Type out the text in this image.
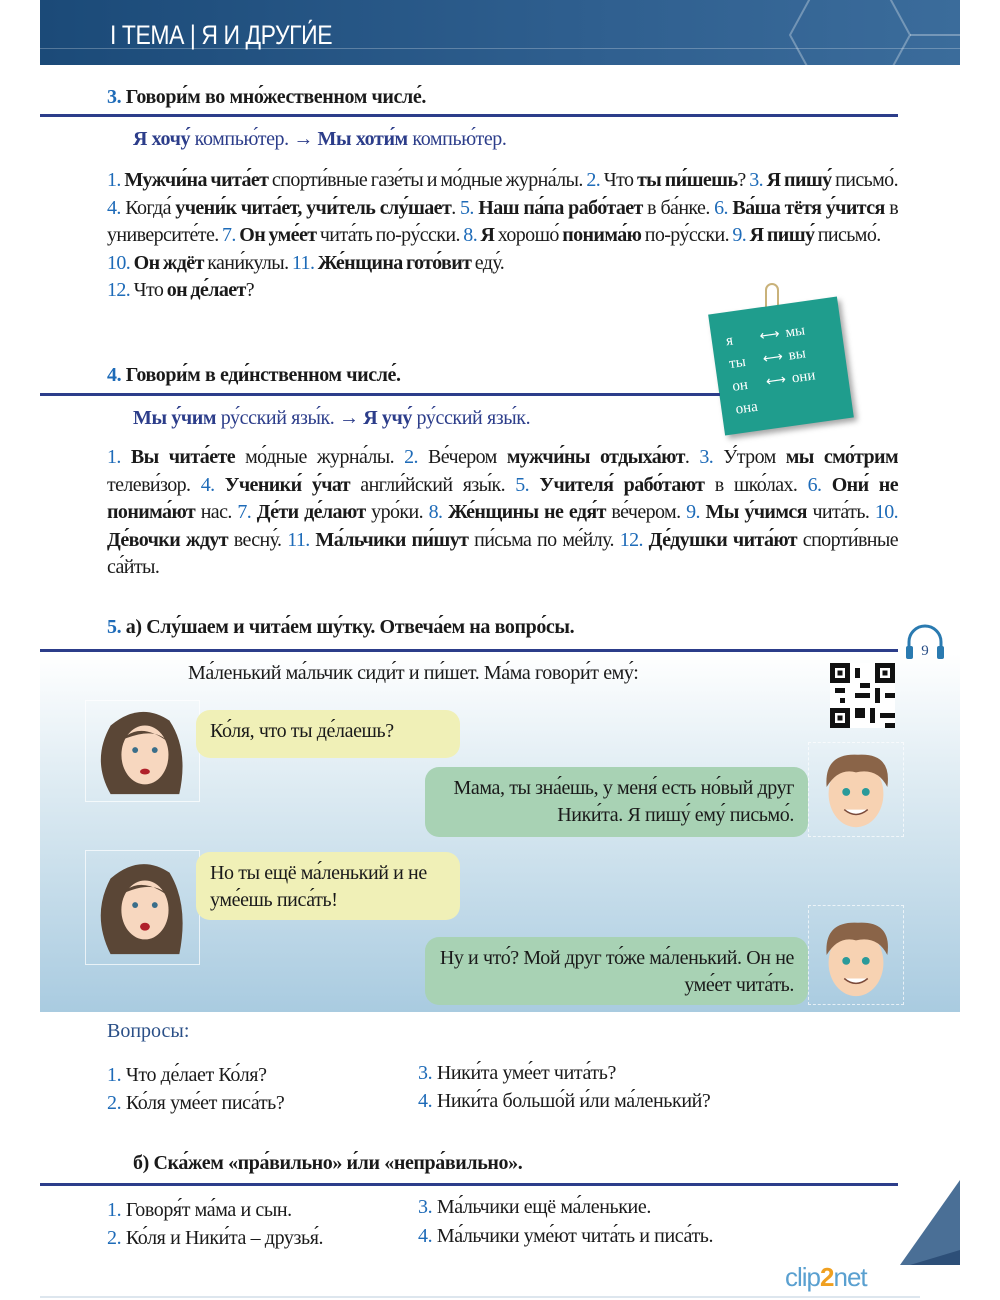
I ТЕМА | Я И ДРУГИ́Е
3. Говори́м во мно́жественном числе́.
Я хочу́ компью́тер. → Мы хоти́м компью́тер.
1. Мужчи́на чита́ет спорти́вные газе́ты и мо́дные журна́лы. 2. Что ты пи́шешь? 3. Я пишу́ письмо́. 4. Когда́ учени́к чита́ет, учи́тель слу́шает. 5. Наш па́па рабо́тает в ба́нке. 6. Ва́ша тётя у́чится в университе́те. 7. Он уме́ет чита́ть по-ру́сски. 8. Я хорошо́ понима́ю по-ру́сски. 9. Я пишу́ письмо́.
10. Он ждёт кани́кулы. 11. Же́нщина гото́вит еду́.
12. Что он де́лает?
я	⟷ мы
ты	⟷ вы
он	⟷ они
она
4. Говори́м в еди́нственном числе́.
Мы у́чим ру́сский язы́к. → Я учу́ ру́сский язы́к.
1. Вы чита́ете мо́дные журна́лы. 2. Ве́чером мужчи́ны отдыха́ют. 3. У́тром мы смо́трим телеви́зор. 4. Ученики́ у́чат англи́йский язы́к. 5. Учителя́ рабо́тают в шко́лах. 6. Они́ не понима́ют нас. 7. Де́ти де́лают уро́ки. 8. Же́нщины не едя́т ве́чером. 9. Мы у́чимся чита́ть. 10. Де́вочки ждут весну́. 11. Ма́льчики пи́шут пи́сьма по ме́йлу. 12. Де́душки чита́ют спорти́вные са́йты.
5. а) Слу́шаем и чита́ем шу́тку. Отвеча́ем на вопро́сы.
9
Ма́ленький ма́льчик сиди́т и пи́шет. Ма́ма говори́т ему́:
Ко́ля, что ты де́лаешь?
Мама, ты зна́ешь, у меня́ есть но́вый друг Ники́та. Я пишу́ ему́ письмо́.
Но ты ещё ма́ленький и не уме́ешь писа́ть!
Ну и что́? Мой друг то́же ма́ленький. Он не уме́ет чита́ть.
Вопросы:
1. Что де́лает Ко́ля?
2. Ко́ля уме́ет писа́ть?
3. Ники́та уме́ет чита́ть?
4. Ники́та большо́й и́ли ма́ленький?
б) Ска́жем «пра́вильно» и́ли «непра́вильно».
1. Говоря́т ма́ма и сын.
2. Ко́ля и Ники́та – друзья́.
3. Ма́льчики ещё ма́ленькие.
4. Ма́льчики уме́ют чита́ть и писа́ть.
clip2net
